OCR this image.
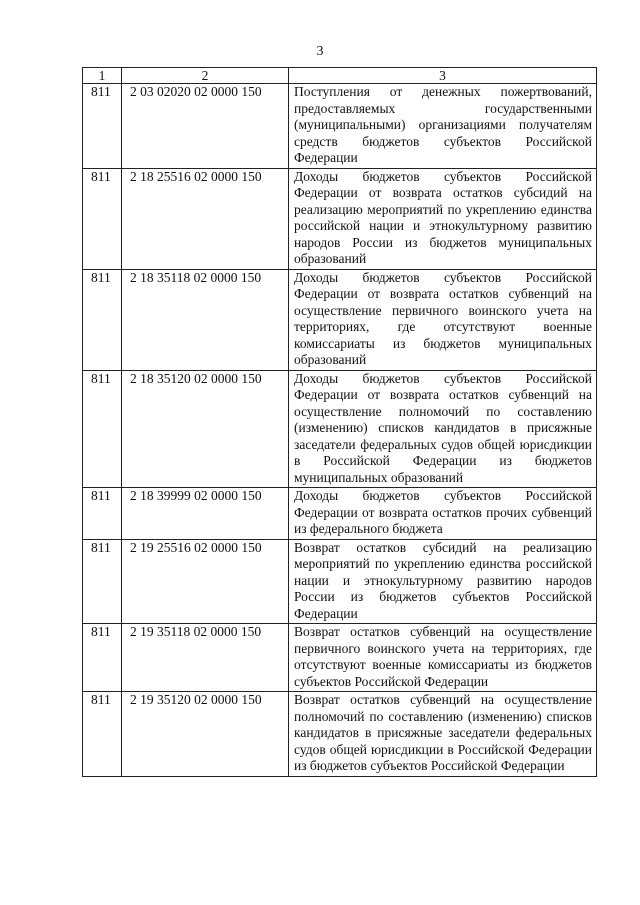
3
1	2	3
811	2 03 02020 02 0000 150	Поступления от денежных пожертвований, предоставляемых государственными (муниципальными) организациями получателям средств бюджетов субъектов Российской Федерации
811	2 18 25516 02 0000 150	Доходы бюджетов субъектов Российской Федерации от возврата остатков субсидий на реализацию мероприятий по укреплению единства российской нации и этнокультурному развитию народов России из бюджетов муниципальных образований
811	2 18 35118 02 0000 150	Доходы бюджетов субъектов Российской Федерации от возврата остатков субвенций на осуществление первичного воинского учета на территориях, где отсутствуют военные комиссариаты из бюджетов муниципальных образований
811	2 18 35120 02 0000 150	Доходы бюджетов субъектов Российской Федерации от возврата остатков субвенций на осуществление полномочий по составлению (изменению) списков кандидатов в присяжные заседатели федеральных судов общей юрисдикции в Российской Федерации из бюджетов муниципальных образований
811	2 18 39999 02 0000 150	Доходы бюджетов субъектов Российской Федерации от возврата остатков прочих субвенций из федерального бюджета
811	2 19 25516 02 0000 150	Возврат остатков субсидий на реализацию мероприятий по укреплению единства российской нации и этнокультурному развитию народов России из бюджетов субъектов Российской Федерации
811	2 19 35118 02 0000 150	Возврат остатков субвенций на осуществление первичного воинского учета на территориях, где отсутствуют военные комиссариаты из бюджетов субъектов Российской Федерации
811	2 19 35120 02 0000 150	Возврат остатков субвенций на осуществление полномочий по составлению (изменению) списков кандидатов в присяжные заседатели федеральных судов общей юрисдикции в Российской Федерации из бюджетов субъектов Российской Федерации
